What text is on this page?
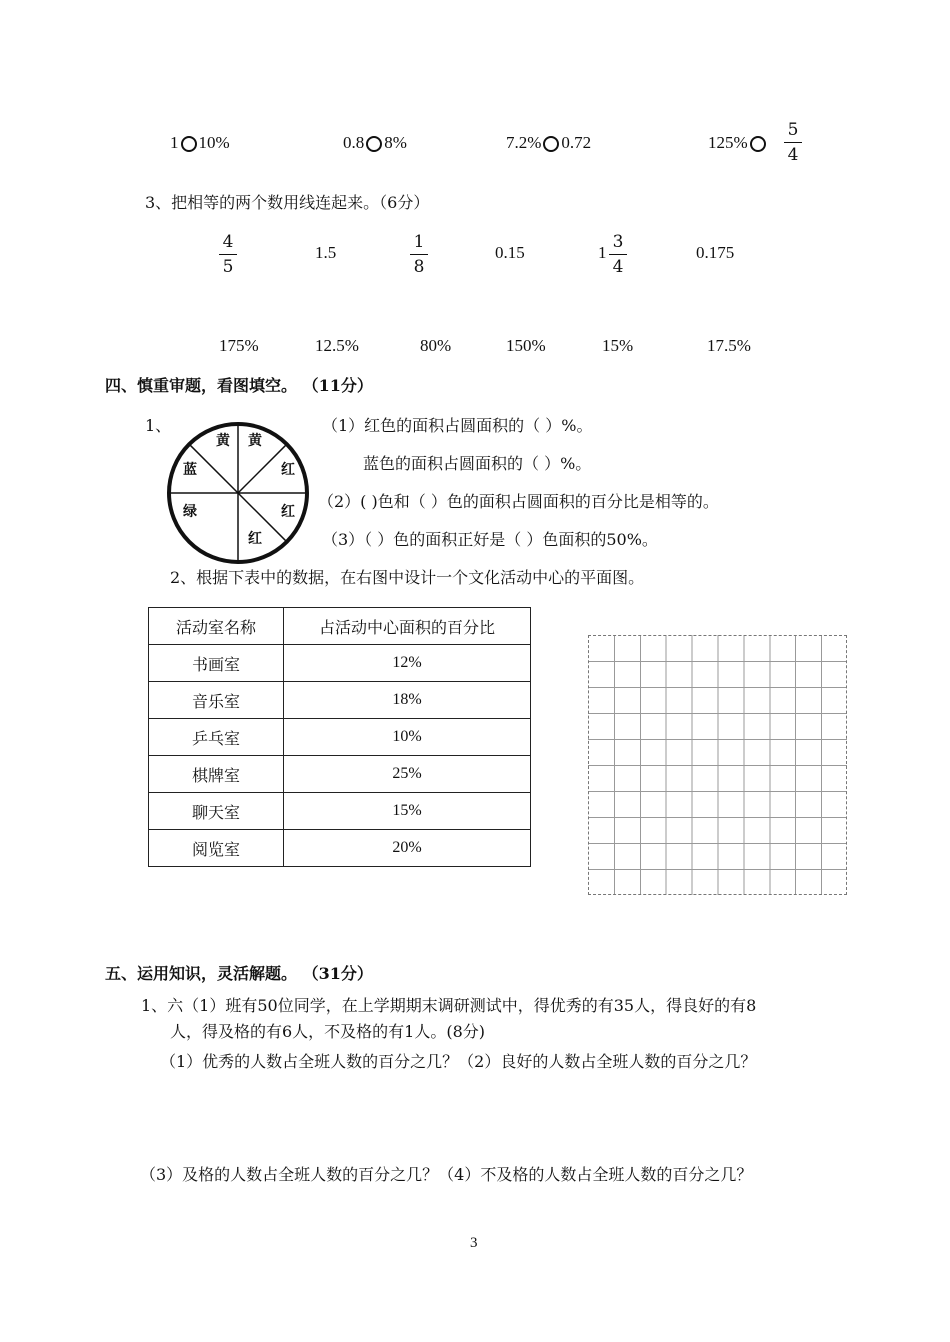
1 10%	0.8 8%	7.2% 0.72	125%
5
4
3、把相等的两个数用线连起来。（6分）
4
5
1.5
1
8
0.15	1
3
4
0.175
175%	12.5%	80%	150%	15%	17.5%
四、慎重审题，看图填空。 （11分）
1、
黄 黄
红
红
红
绿
蓝
（1）红色的面积占圆面积的（ ）%。
蓝色的面积占圆面积的（ ）%。
（2）( )色和（ ）色的面积占圆面积的百分比是相等的。
（3）（ ）色的面积正好是（ ）色面积的50%。
2、根据下表中的数据，在右图中设计一个文化活动中心的平面图。
活动室名称	占活动中心面积的百分比
书画室	12%
音乐室	18%
乒乓室	10%
棋牌室	25%
聊天室	15%
阅览室	20%
五、运用知识，灵活解题。 （31分）
1、六（1）班有50位同学，在上学期期末调研测试中，得优秀的有35人，得良好的有8
人，得及格的有6人，不及格的有1人。(8分)
（1）优秀的人数占全班人数的百分之几？（2）良好的人数占全班人数的百分之几？
（3）及格的人数占全班人数的百分之几？（4）不及格的人数占全班人数的百分之几？
3
